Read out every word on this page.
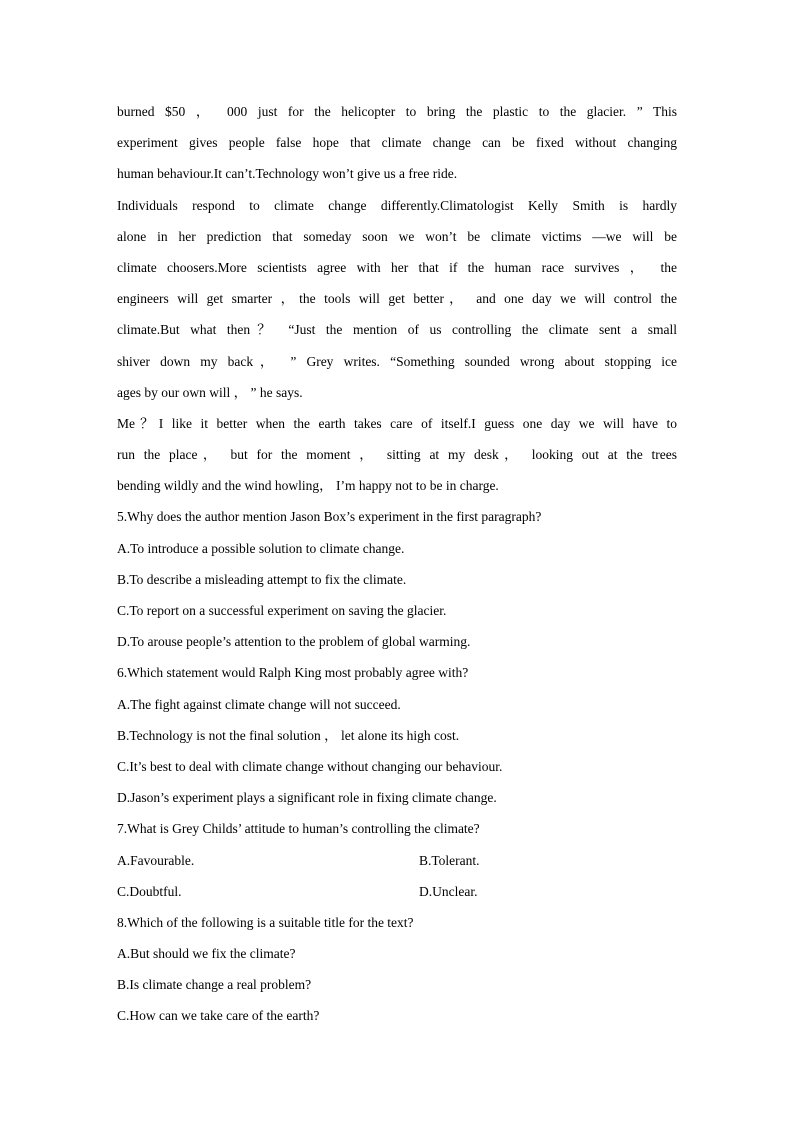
burned $50 ， 000 just for the helicopter to bring the plastic to the glacier. ” This

experiment gives people false hope that climate change can be fixed without changing

human behaviour.It can’t.Technology won’t give us a free ride.

Individuals respond to climate change differently.Climatologist Kelly Smith is hardly

alone in her prediction that someday soon we won’t be climate victims —we will be

climate choosers.More scientists agree with her that if the human race survives ， the

engineers will get smarter ，the tools will get better， and one day we will control the

climate.But what then？ “Just the mention of us controlling the climate sent a small

shiver down my back， ” Grey writes. “Something sounded wrong about stopping ice

ages by our own will ， ” he says.

Me？I like it better when the earth takes care of itself.I guess one day we will have to

run the place， but for the moment ， sitting at my desk， looking out at the trees

bending wildly and the wind howling， I’m happy not to be in charge.

5.Why does the author mention Jason Box’s experiment in the first paragraph?

A.To introduce a possible solution to climate change.

B.To describe a misleading attempt to fix the climate.

C.To report on a successful experiment on saving the glacier.

D.To arouse people’s attention to the problem of global warming.

6.Which statement would Ralph King most probably agree with?

A.The fight against climate change will not succeed.

B.Technology is not the final solution ， let alone its high cost.

C.It’s best to deal with climate change without changing our behaviour.

D.Jason’s experiment plays a significant role in fixing climate change.

7.What is Grey Childs’ attitude to human’s controlling the climate?

A.Favourable.	B.Tolerant.
C.Doubtful.	D.Unclear.

8.Which of the following is a suitable title for the text?

A.But should we fix the climate?

B.Is climate change a real problem?

C.How can we take care of the earth?
